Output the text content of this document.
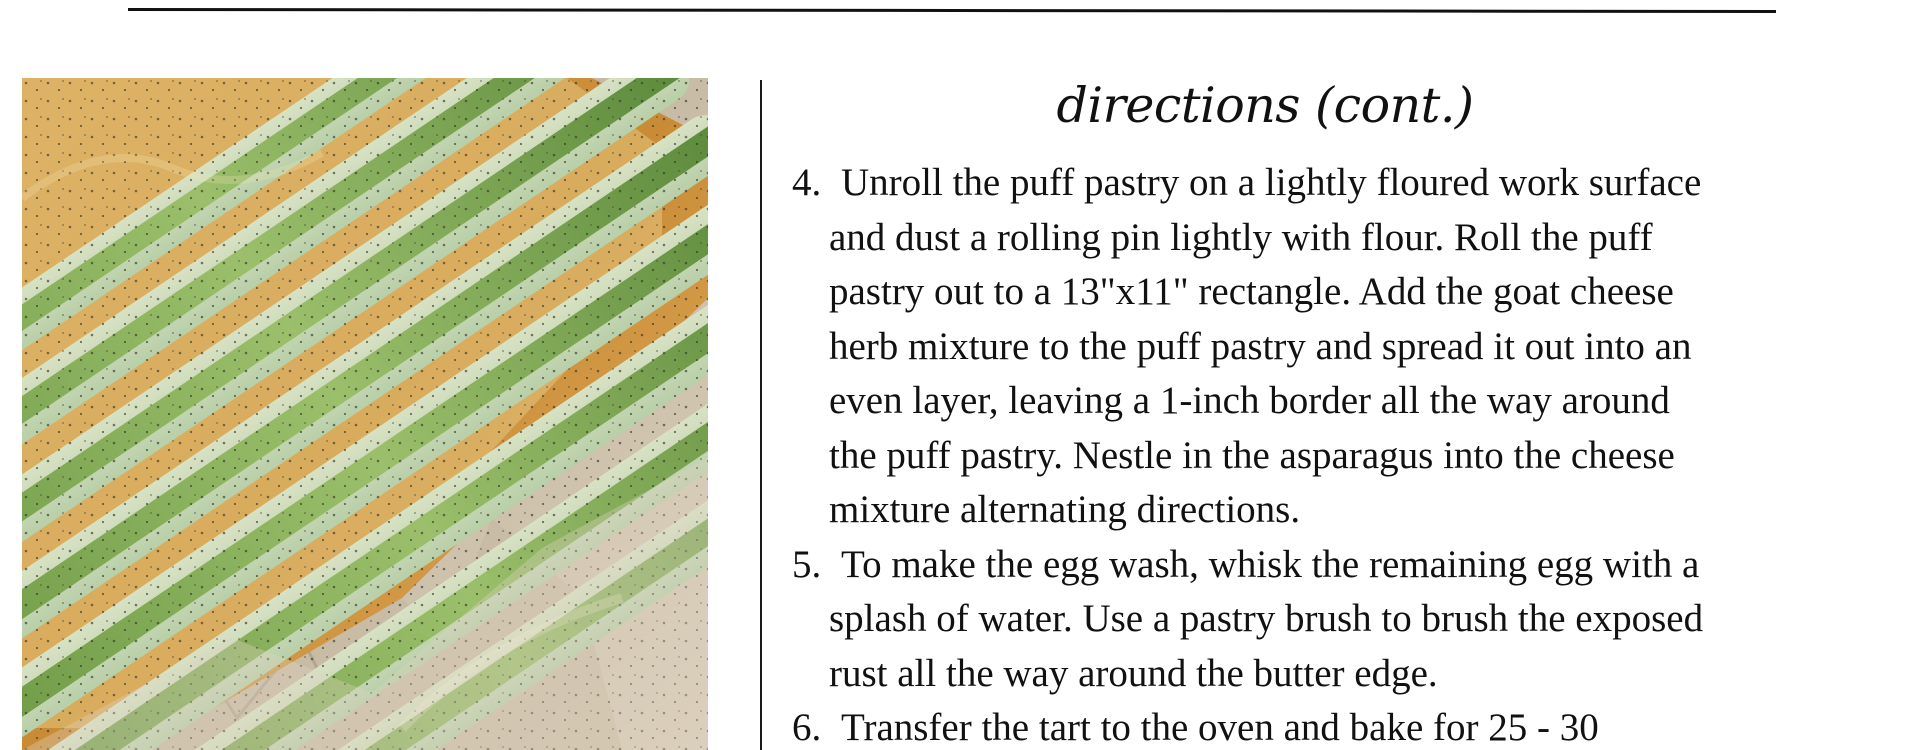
directions (cont.)
4. Unroll the puff pastry on a lightly floured work surface
and dust a rolling pin lightly with flour. Roll the puff
pastry out to a 13"x11" rectangle. Add the goat cheese
herb mixture to the puff pastry and spread it out into an
even layer, leaving a 1-inch border all the way around
the puff pastry. Nestle in the asparagus into the cheese
mixture alternating directions.
5. To make the egg wash, whisk the remaining egg with a
splash of water. Use a pastry brush to brush the exposed
rust all the way around the butter edge.
6. Transfer the tart to the oven and bake for 25 - 30
